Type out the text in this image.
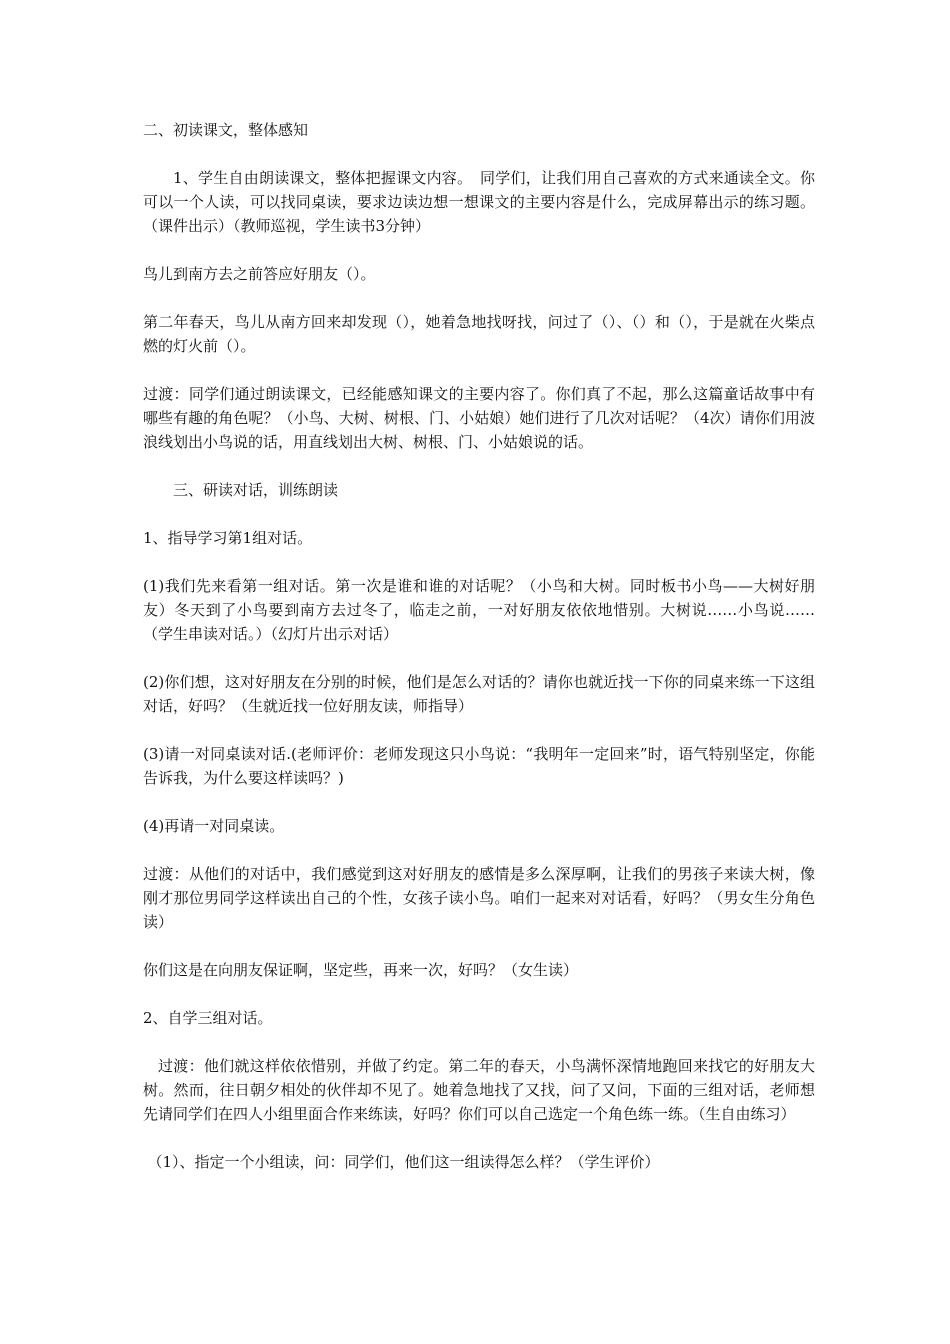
二、初读课文，整体感知

1、学生自由朗读课文，整体把握课文内容。　同学们，让我们用自己喜欢的方式来通读全文。你可以一个人读，可以找同桌读，要求边读边想一想课文的主要内容是什么，完成屏幕出示的练习题。（课件出示）（教师巡视，学生读书3分钟）

鸟儿到南方去之前答应好朋友（）。

第二年春天，鸟儿从南方回来却发现（），她着急地找呀找，问过了（）、（）和（），于是就在火柴点燃的灯火前（）。

过渡：同学们通过朗读课文，已经能感知课文的主要内容了。你们真了不起，那么这篇童话故事中有哪些有趣的角色呢？（小鸟、大树、树根、门、小姑娘）她们进行了几次对话呢？（4次）请你们用波浪线划出小鸟说的话，用直线划出大树、树根、门、小姑娘说的话。

三、研读对话，训练朗读

1、指导学习第1组对话。

(1)我们先来看第一组对话。第一次是谁和谁的对话呢？（小鸟和大树。同时板书小鸟——大树好朋友）冬天到了小鸟要到南方去过冬了，临走之前，一对好朋友依依地惜别。大树说……小鸟说……（学生串读对话。）（幻灯片出示对话）

(2)你们想，这对好朋友在分别的时候，他们是怎么对话的？请你也就近找一下你的同桌来练一下这组对话，好吗？（生就近找一位好朋友读，师指导）

(3)请一对同桌读对话.(老师评价：老师发现这只小鸟说：“我明年一定回来”时，语气特别坚定，你能告诉我，为什么要这样读吗？)

(4)再请一对同桌读。

过渡：从他们的对话中，我们感觉到这对好朋友的感情是多么深厚啊，让我们的男孩子来读大树，像刚才那位男同学这样读出自己的个性，女孩子读小鸟。咱们一起来对对话看，好吗？（男女生分角色读）

你们这是在向朋友保证啊，坚定些，再来一次，好吗？（女生读）

2、自学三组对话。

过渡：他们就这样依依惜别，并做了约定。第二年的春天，小鸟满怀深情地跑回来找它的好朋友大树。然而，往日朝夕相处的伙伴却不见了。她着急地找了又找，问了又问，下面的三组对话，老师想先请同学们在四人小组里面合作来练读，好吗？你们可以自己选定一个角色练一练。（生自由练习）

（1）、指定一个小组读，问：同学们，他们这一组读得怎么样？（学生评价）
